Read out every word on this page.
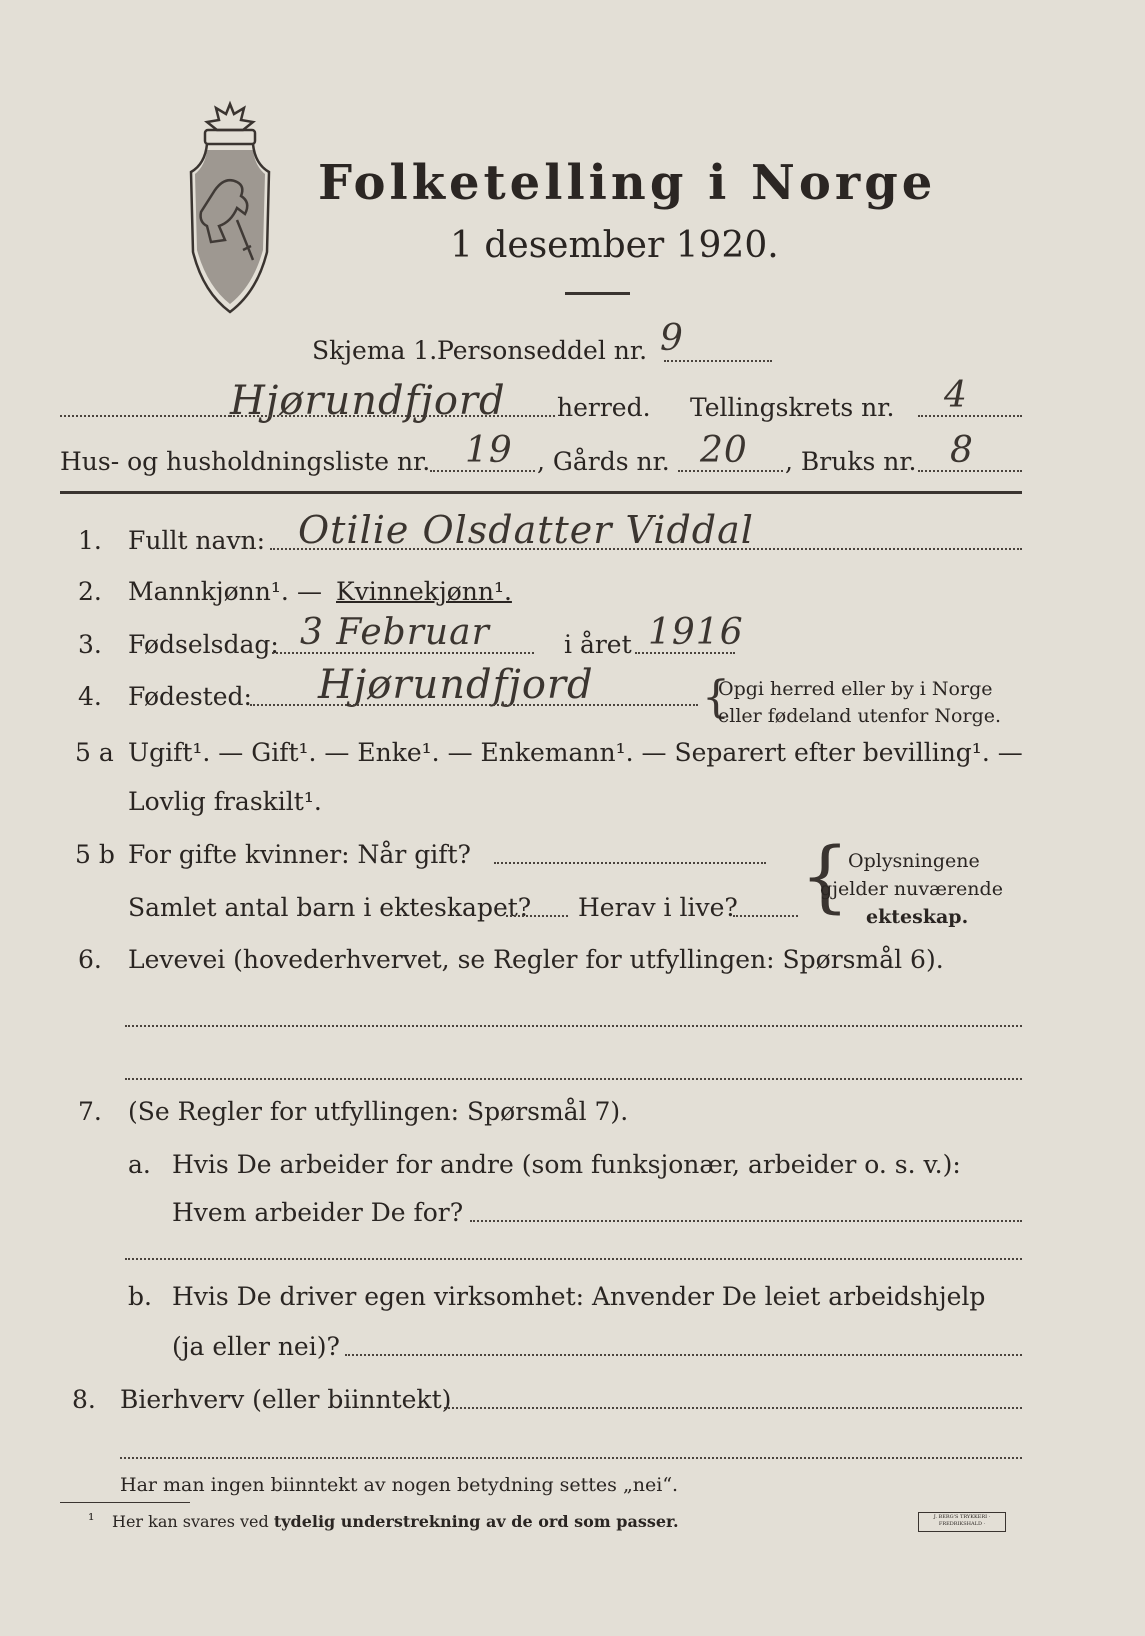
Folketelling i Norge
1 desember 1920.
Skjema 1. Personseddel nr. 9
Hjørundfjord herred. Tellingskrets nr. 4
Hus- og husholdningsliste nr. 19 , Gårds nr. 20 , Bruks nr. 8
1. Fullt navn: Otilie Olsdatter Viddal
2. Mannkjønn¹. — Kvinnekjønn¹.
3. Fødselsdag: 3 Februar	i året 1916
4. Fødested: Hjørundfjord {
Opgi herred eller by i Norge
eller fødeland utenfor Norge.
5 a Ugift¹. — Gift¹. — Enke¹. — Enkemann¹. — Separert efter bevilling¹. —
Lovlig fraskilt¹.
5 b For gifte kvinner: Når gift?
Samlet antal barn i ekteskapet? Herav i live? {
Oplysningene
gjelder nuværende
ekteskap.
6. Levevei (hovederhvervet, se Regler for utfyllingen: Spørsmål 6).
7. (Se Regler for utfyllingen: Spørsmål 7).
a. Hvis De arbeider for andre (som funksjonær, arbeider o. s. v.):
Hvem arbeider De for?
b. Hvis De driver egen virksomhet: Anvender De leiet arbeidshjelp
(ja eller nei)?
8. Bierhverv (eller biinntekt)
Har man ingen biinntekt av nogen betydning settes „nei“.
¹ Her kan svares ved tydelig understrekning av de ord som passer.	J. BERG'S TRYKKERI · FREDRIKSHALD ·
